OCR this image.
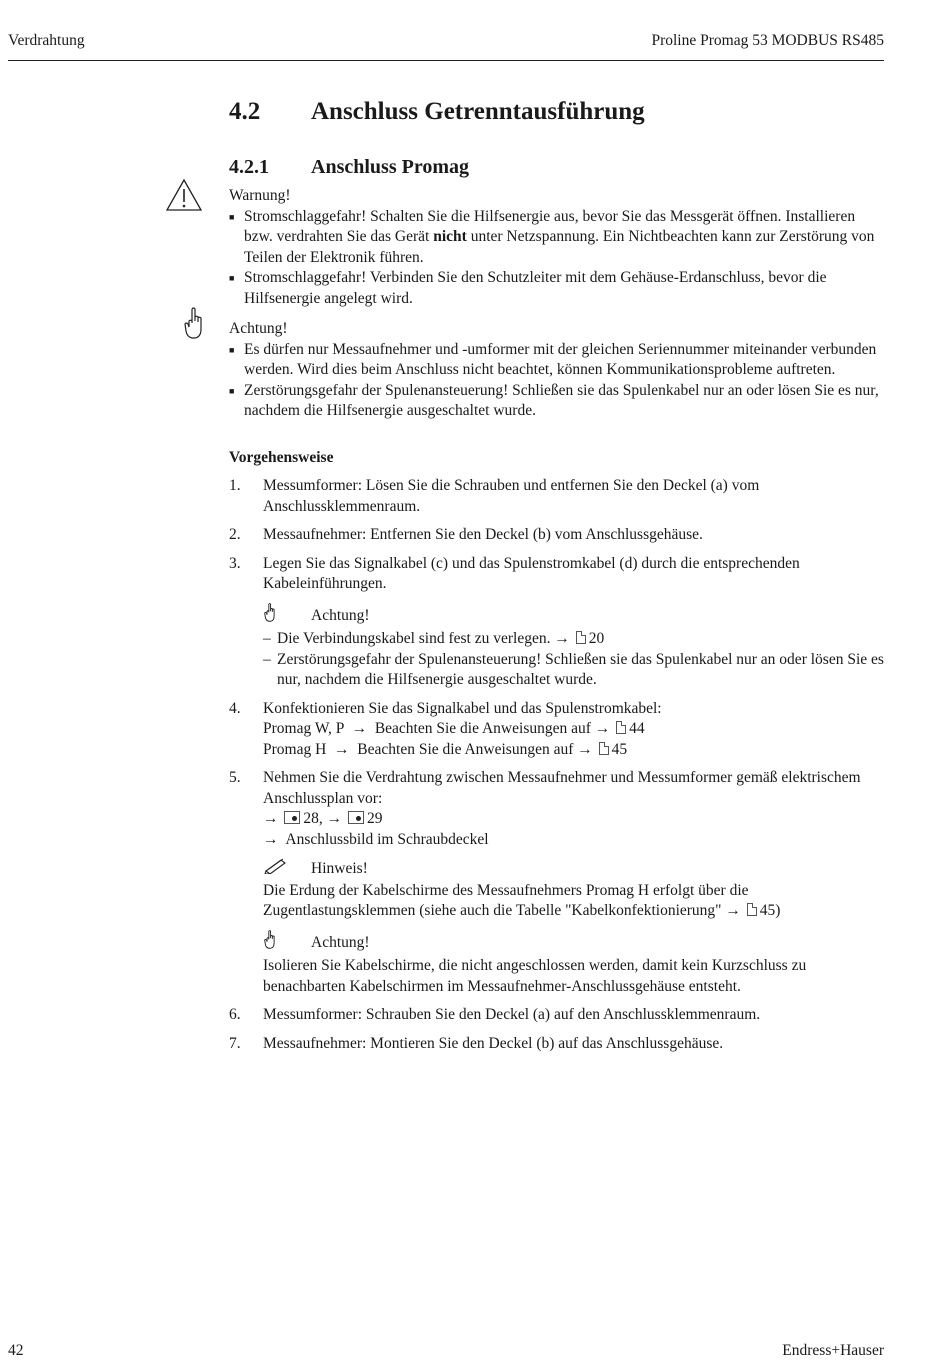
Verdrahtung	Proline Promag 53 MODBUS RS485
4.2 Anschluss Getrenntausführung
4.2.1 Anschluss Promag
Warnung!
■ Stromschlaggefahr! Schalten Sie die Hilfsenergie aus, bevor Sie das Messgerät öffnen. Installieren bzw. verdrahten Sie das Gerät nicht unter Netzspannung. Ein Nichtbeachten kann zur Zerstörung von Teilen der Elektronik führen.
■ Stromschlaggefahr! Verbinden Sie den Schutzleiter mit dem Gehäuse-Erdanschluss, bevor die Hilfsenergie angelegt wird.
Achtung!
■ Es dürfen nur Messaufnehmer und -umformer mit der gleichen Seriennummer miteinander verbunden werden. Wird dies beim Anschluss nicht beachtet, können Kommunikationsprobleme auftreten.
■ Zerstörungsgefahr der Spulenansteuerung! Schließen sie das Spulenkabel nur an oder lösen Sie es nur, nachdem die Hilfsenergie ausgeschaltet wurde.
Vorgehensweise
1. Messumformer: Lösen Sie die Schrauben und entfernen Sie den Deckel (a) vom Anschlussklemmenraum.
2. Messaufnehmer: Entfernen Sie den Deckel (b) vom Anschlussgehäuse.
3. Legen Sie das Signalkabel (c) und das Spulenstromkabel (d) durch die entsprechenden Kabeleinführungen.
Achtung!
– Die Verbindungskabel sind fest zu verlegen. → 20
– Zerstörungsgefahr der Spulenansteuerung! Schließen sie das Spulenkabel nur an oder lösen Sie es nur, nachdem die Hilfsenergie ausgeschaltet wurde.
4. Konfektionieren Sie das Signalkabel und das Spulenstromkabel:
Promag W, P  →  Beachten Sie die Anweisungen auf → 44
Promag H  →  Beachten Sie die Anweisungen auf → 45
5. Nehmen Sie die Verdrahtung zwischen Messaufnehmer und Messumformer gemäß elektrischem Anschlussplan vor:
→ 28, → 29
→  Anschlussbild im Schraubdeckel
Hinweis!
Die Erdung der Kabelschirme des Messaufnehmers Promag H erfolgt über die Zugentlastungsklemmen (siehe auch die Tabelle "Kabelkonfektionierung" → 45)
Achtung!
Isolieren Sie Kabelschirme, die nicht angeschlossen werden, damit kein Kurzschluss zu benachbarten Kabelschirmen im Messaufnehmer-Anschlussgehäuse entsteht.
6. Messumformer: Schrauben Sie den Deckel (a) auf den Anschlussklemmenraum.
7. Messaufnehmer: Montieren Sie den Deckel (b) auf das Anschlussgehäuse.
42	Endress+Hauser
